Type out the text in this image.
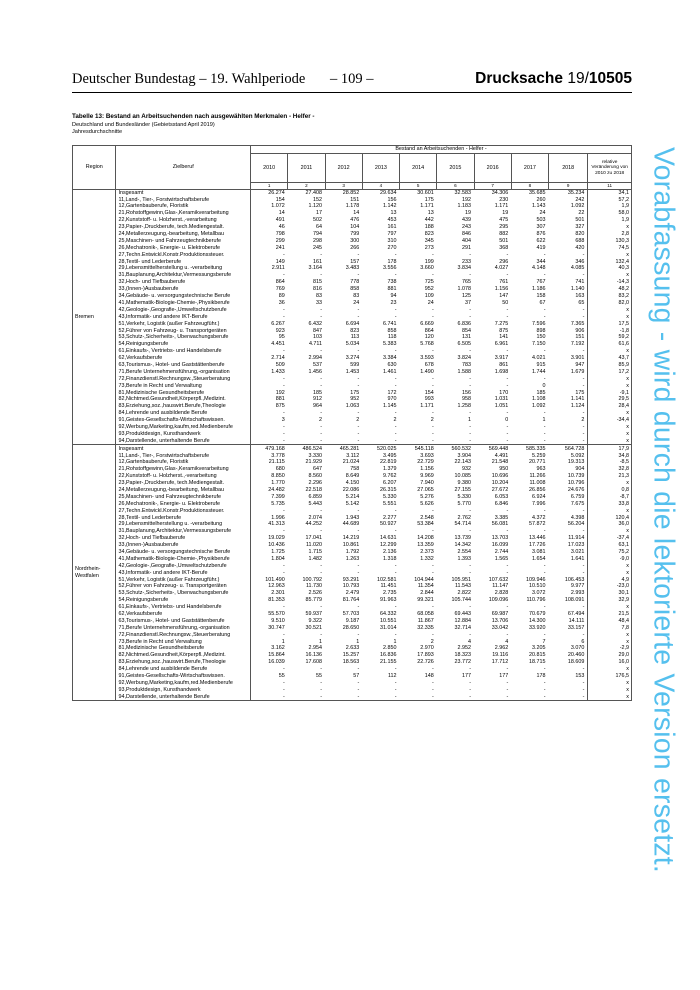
Deutscher Bundestag – 19. Wahlperiode – 109 –	Drucksache 19/10505
Tabelle 13: Bestand an Arbeitsuchenden nach ausgewählten Merkmalen - Helfer -
Deutschland und Bundesländer (Gebietsstand April 2019)
Jahresdurchschnitte
Vorabfassung - wird durch die lektorierte Version ersetzt.
Region	Zielberuf	Bestand an Arbeitsuchenden - Helfer -									
		2010	2011	2012	2013	2014	2015	2016	2017	2018	relative Veränderung von 2010 zu 2018
		1	2	3	4	5	6	7	8	9	11
Bremen	Insgesamt	26.274	27.408	28.852	29.634	30.601	32.583	34.306	35.685	35.234	34,1
	11,Land-, Tier-, Forstwirtschaftsberufe	154	152	151	156	175	192	230	260	242	57,2
	12,Gartenbauberufe, Floristik	1.072	1.120	1.178	1.142	1.171	1.183	1.171	1.143	1.092	1,9
	21,Rohstoffgewinn,Glas-,Keramikverarbeitung	14	17	14	13	13	19	19	24	22	58,0
	22,Kunststoff- u. Holzherst.,-verarbeitung	491	502	476	453	442	439	475	503	501	1,9
	23,Papier-,Druckberufe, tech.Mediengestalt.	46	64	104	161	188	243	295	307	327	x
	24,Metallerzeugung,-bearbeitung, Metallbau	798	794	799	797	823	846	882	876	820	2,8
	25,Maschinen- und Fahrzeugtechnikberufe	299	298	300	310	345	404	501	622	688	130,3
	26,Mechatronik-, Energie- u. Elektroberufe	241	245	266	270	273	291	368	419	420	74,5
	27,Techn.Entwickl.Konstr.Produktionssteuer.	-	-	-	-	-	-	-	-	-	x
	28,Textil- und Lederberufe	149	161	157	178	199	233	296	344	346	132,4
	29,Lebensmittelherstellung u. -verarbeitung	2.911	3.164	3.483	3.556	3.660	3.834	4.027	4.148	4.085	40,3
	31,Bauplanung,Architektur,Vermessungsberufe	-	-	-	-	-	-	-	-	-	x
	32,Hoch- und Tiefbauberufe	864	815	778	738	725	765	761	767	741	-14,3
	33,(Innen-)Ausbauberufe	769	816	858	881	952	1.078	1.156	1.186	1.140	48,2
	34,Gebäude- u. versorgungstechnische Berufe	89	83	83	94	109	125	147	158	163	83,2
	41,Mathematik-Biologie-Chemie-,Physikberufe	36	33	24	23	24	37	50	67	65	82,0
	42,Geologie-,Geografie-,Umweltschutzberufe	-	-	-	-	-	-	-	-	-	x
	43,Informatik- und andere IKT-Berufe	-	-	-	-	-	-	-	-	-	x
	51,Verkehr, Logistik (außer Fahrzeugführ.)	6.267	6.432	6.694	6.741	6.669	6.836	7.275	7.596	7.365	17,5
	52,Führer von Fahrzeug- u. Transportgeräten	923	847	823	858	864	854	875	898	906	-1,8
	53,Schutz-,Sicherheits-, Überwachungsberufe	95	103	113	118	120	131	141	150	151	59,2
	54,Reinigungsberufe	4.451	4.711	5.034	5.383	5.768	6.505	6.961	7.150	7.192	61,6
	61,Einkaufs-, Vertriebs- und Handelsberufe	-	-	-	-	-	-	-	-	-	x
	62,Verkaufsberufe	2.714	2.994	3.274	3.384	3.593	3.824	3.917	4.021	3.901	43,7
	63,Tourismus-, Hotel- und Gaststättenberufe	509	537	599	630	678	783	861	915	947	85,9
	71,Berufe Unternehmensführung,-organisation	1.433	1.456	1.453	1.461	1.490	1.588	1.698	1.744	1.679	17,2
	72,Finanzdienstl.Rechnungsw.,Steuerberatung	-	-	-	-	-	-	-	-	-	x
	73,Berufe in Recht und Verwaltung	-	-	-	-	-	-	-	0	-	x
	81,Medizinische Gesundheitsberufe	192	185	175	172	154	156	170	185	175	-9,1
	82,Nichtmed.Gesundheit,Körperpfl.,Medizint.	881	912	952	970	993	958	1.031	1.108	1.141	29,5
	83,Erziehung,soz.,hauswirt.Berufe,Theologie	875	964	1.063	1.145	1.171	1.258	1.051	1.092	1.124	28,4
	84,Lehrende und ausbildende Berufe	-	-	-	-	-	-	-	-	-	x
	91,Geistes-Gesellschafts-Wirtschaftswissen.	3	2	2	2	2	1	0	1	2	-34,4
	92,Werbung,Marketing,kaufm,red.Medienberufe	-	-	-	-	-	-	-	-	-	x
	93,Produktdesign, Kunsthandwerk	-	-	-	-	-	-	-	-	-	x
	94,Darstellende, unterhaltende Berufe	-	-	-	-	-	-	-	-	-	x
Nordrhein-Westfalen	Insgesamt	479.168	486.524	465.281	520.025	545.118	560.532	569.448	585.335	564.728	17,9
	11,Land-, Tier-, Forstwirtschaftsberufe	3.778	3.330	3.112	3.495	3.693	3.904	4.491	5.259	5.092	34,8
	12,Gartenbauberufe, Floristik	21.115	21.929	21.024	22.819	22.729	22.143	21.548	20.771	19.313	-8,5
	21,Rohstoffgewinn,Glas-,Keramikverarbeitung	680	647	758	1.379	1.156	932	950	963	904	32,8
	22,Kunststoff- u. Holzherst.,-verarbeitung	8.850	8.560	8.649	9.762	9.969	10.085	10.696	11.266	10.739	21,3
	23,Papier-,Druckberufe, tech.Mediengestalt.	1.770	2.296	4.150	6.207	7.940	9.380	10.204	11.008	10.796	x
	24,Metallerzeugung,-bearbeitung, Metallbau	24.482	22.518	22.086	26.315	27.065	27.155	27.672	26.856	24.676	0,8
	25,Maschinen- und Fahrzeugtechnikberufe	7.399	6.859	5.214	5.330	5.276	5.330	6.053	6.924	6.759	-8,7
	26,Mechatronik-, Energie- u. Elektroberufe	5.735	5.443	5.142	5.551	5.626	5.770	6.846	7.996	7.675	33,8
	27,Techn.Entwickl.Konstr.Produktionssteuer.	-	-	-	-	-	-	-	-	-	x
	28,Textil- und Lederberufe	1.996	2.074	1.943	2.277	2.548	2.762	3.385	4.372	4.398	120,4
	29,Lebensmittelherstellung u. -verarbeitung	41.313	44.252	44.689	50.927	53.384	54.714	56.081	57.872	56.204	36,0
	31,Bauplanung,Architektur,Vermessungsberufe	-	-	-	-	-	-	-	-	-	x
	32,Hoch- und Tiefbauberufe	19.029	17.041	14.219	14.631	14.208	13.739	13.703	13.446	11.914	-37,4
	33,(Innen-)Ausbauberufe	10.436	11.020	10.861	12.299	13.359	14.342	16.099	17.726	17.023	63,1
	34,Gebäude- u. versorgungstechnische Berufe	1.725	1.715	1.792	2.136	2.373	2.554	2.744	3.081	3.021	75,2
	41,Mathematik-Biologie-Chemie-,Physikberufe	1.804	1.482	1.263	1.318	1.332	1.393	1.565	1.654	1.641	-9,0
	42,Geologie-,Geografie-,Umweltschutzberufe	-	-	-	-	-	-	-	-	-	x
	43,Informatik- und andere IKT-Berufe	-	-	-	-	-	-	-	-	-	x
	51,Verkehr, Logistik (außer Fahrzeugführ.)	101.490	100.792	93.291	102.581	104.944	105.951	107.632	109.946	106.453	4,9
	52,Führer von Fahrzeug- u. Transportgeräten	12.963	11.730	10.793	11.451	11.354	11.543	11.147	10.510	9.977	-23,0
	53,Schutz-,Sicherheits-, Überwachungsberufe	2.301	2.526	2.479	2.735	2.844	2.822	2.828	3.072	2.993	30,1
	54,Reinigungsberufe	81.353	85.779	81.764	91.963	99.321	105.744	109.096	110.796	108.091	32,9
	61,Einkaufs-, Vertriebs- und Handelsberufe	-	-	-	-	-	-	-	-	-	x
	62,Verkaufsberufe	55.570	59.937	57.703	64.332	68.058	69.443	69.987	70.679	67.494	21,5
	63,Tourismus-, Hotel- und Gaststättenberufe	9.510	9.322	9.187	10.551	11.867	12.884	13.706	14.300	14.111	48,4
	71,Berufe Unternehmensführung,-organisation	30.747	30.521	28.650	31.014	32.335	32.714	33.042	33.920	33.157	7,8
	72,Finanzdienstl.Rechnungsw.,Steuerberatung	-	-	-	-	-	-	-	-	-	x
	73,Berufe in Recht und Verwaltung	1	1	1	1	2	4	4	7	6	x
	81,Medizinische Gesundheitsberufe	3.162	2.954	2.633	2.850	2.970	2.952	2.962	3.205	3.070	-2,9
	82,Nichtmed.Gesundheit,Körperpfl.,Medizint.	15.864	16.136	15.257	16.836	17.893	18.323	19.116	20.815	20.460	29,0
	83,Erziehung,soz.,hauswirt.Berufe,Theologie	16.039	17.608	18.563	21.155	22.726	23.772	17.712	18.715	18.609	16,0
	84,Lehrende und ausbildende Berufe	-	-	-	-	-	-	-	-	-	x
	91,Geistes-Gesellschafts-Wirtschaftswissen.	55	55	57	112	148	177	177	178	153	176,5
	92,Werbung,Marketing,kaufm,red.Medienberufe	-	-	-	-	-	-	-	-	-	x
	93,Produktdesign, Kunsthandwerk	-	-	-	-	-	-	-	-	-	x
	94,Darstellende, unterhaltende Berufe	-	-	-	-	-	-	-	-	-	x
